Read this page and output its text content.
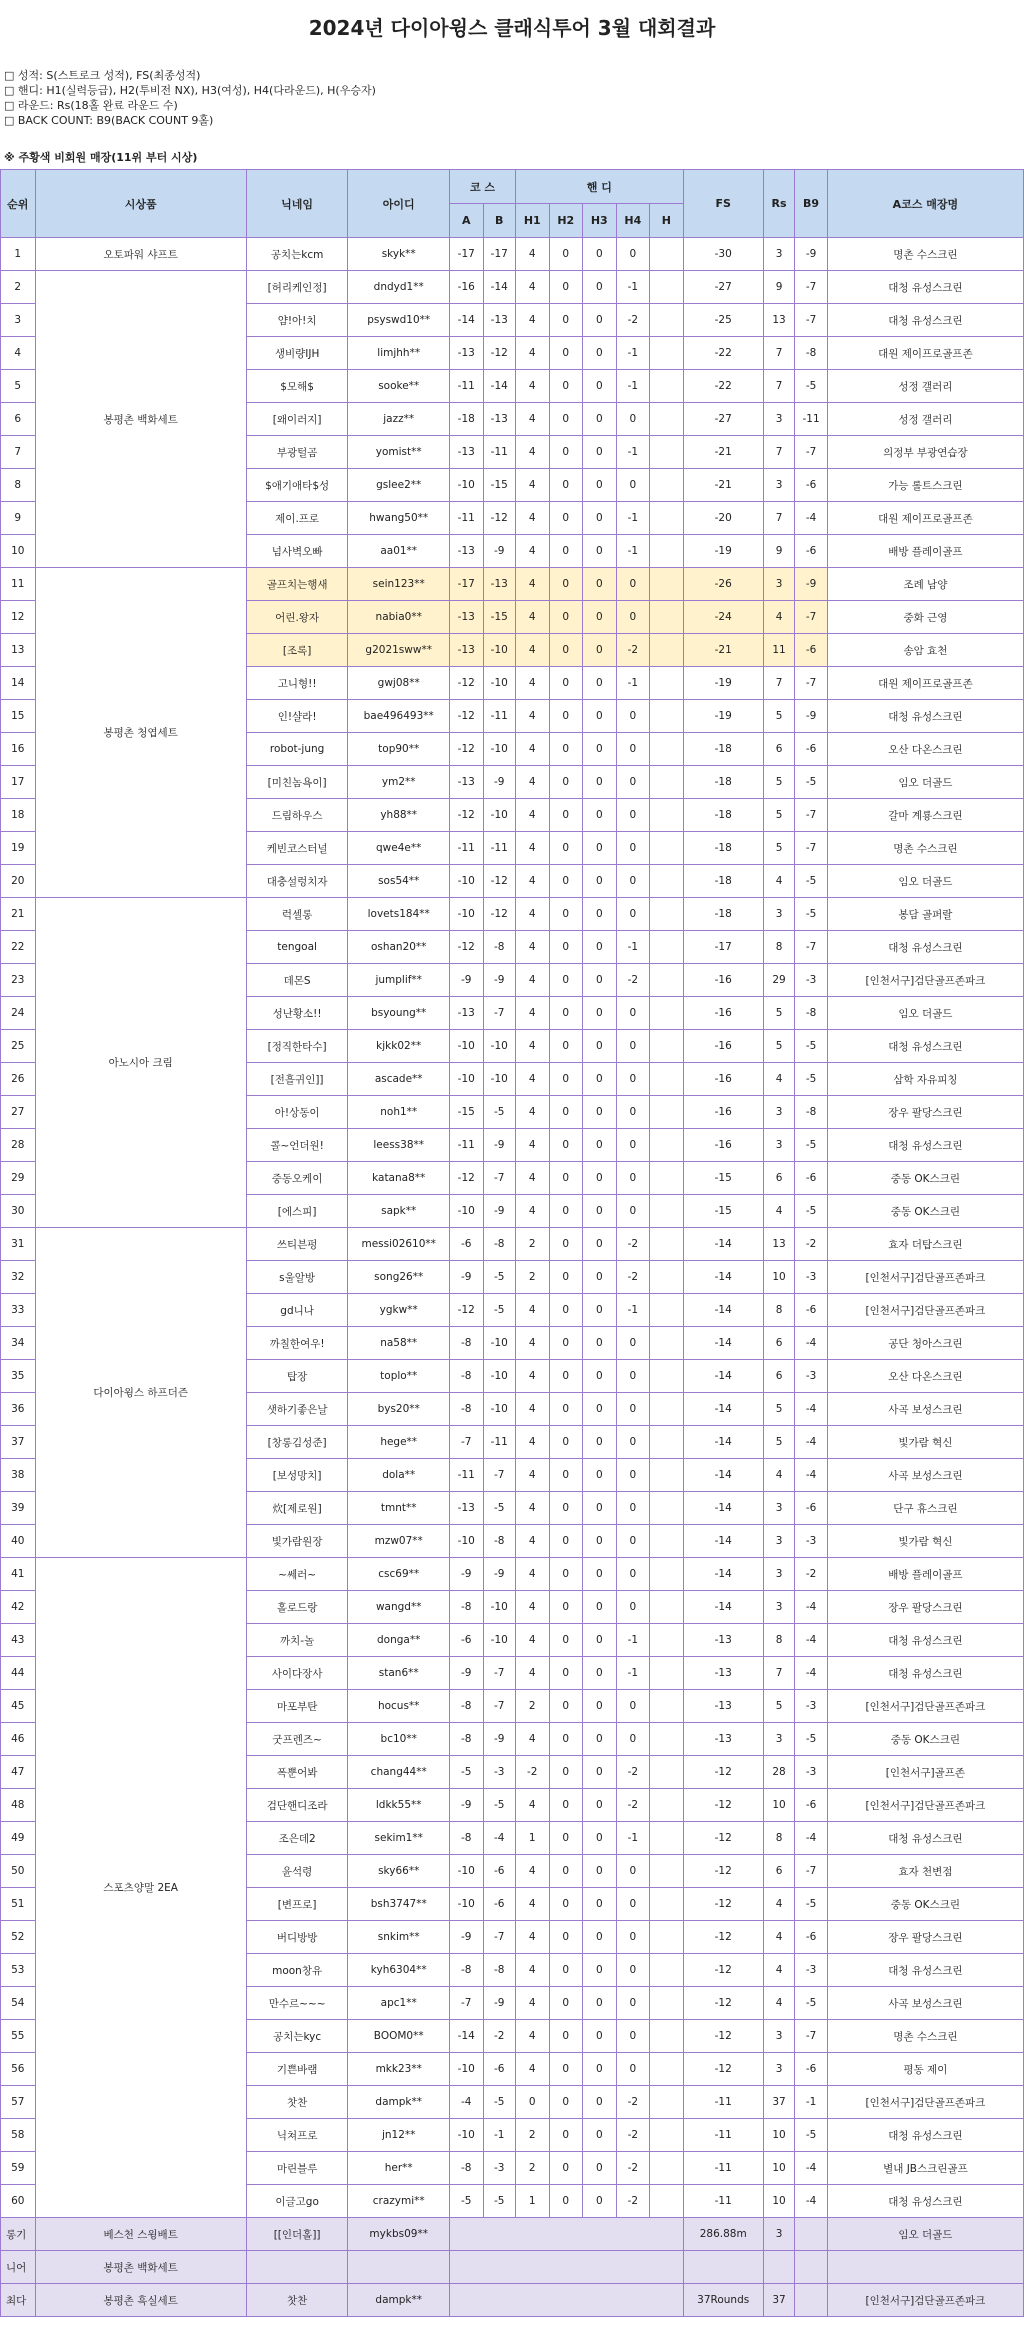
2024년 다이아윙스 클래식투어 3월 대회결과
□ 성적: S(스트로크 성적), FS(최종성적)
□ 핸디: H1(실력등급), H2(투비전 NX), H3(여성), H4(다라운드), H(우승자)
□ 라운드: Rs(18홀 완료 라운드 수)
□ BACK COUNT: B9(BACK COUNT 9홀)
※ 주황색 비회원 매장(11위 부터 시상)
순위	시상품	닉네임	아이디	코 스		핸 디					FS	Rs	B9	A코스 매장명
				A	B	H1	H2	H3	H4	H				
1	오토파워 샤프트	공치는kcm	skyk**	-17	-17	4	0	0	0		-30	3	-9	명촌 수스크린
2	봉평촌 백화세트	[허리케인정]	dndyd1**	-16	-14	4	0	0	-1		-27	9	-7	대청 유성스크린
3		얌!아!치	psyswd10**	-14	-13	4	0	0	-2		-25	13	-7	대청 유성스크린
4		생비량IJH	limjhh**	-13	-12	4	0	0	-1		-22	7	-8	대원 제이프로골프존
5		$모해$	sooke**	-11	-14	4	0	0	-1		-22	7	-5	성정 갤러리
6		[왜이러지]	jazz**	-18	-13	4	0	0	0		-27	3	-11	성정 갤러리
7		부광털곰	yomist**	-13	-11	4	0	0	-1		-21	7	-7	의정부 부광연습장
8		$애기애타$성	gslee2**	-10	-15	4	0	0	0		-21	3	-6	가능 롤트스크린
9		제이.프로	hwang50**	-11	-12	4	0	0	-1		-20	7	-4	대원 제이프로골프존
10		넘사벽오빠	aa01**	-13	-9	4	0	0	-1		-19	9	-6	배방 플레이골프
11	봉평촌 청엽세트	골프치는행새	sein123**	-17	-13	4	0	0	0		-26	3	-9	조례 남양
12		어린.왕자	nabia0**	-13	-15	4	0	0	0		-24	4	-7	중화 근영
13		[조록]	g2021sww**	-13	-10	4	0	0	-2		-21	11	-6	송암 효천
14		고니형!!	gwj08**	-12	-10	4	0	0	-1		-19	7	-7	대원 제이프로골프존
15		인!샬라!	bae496493**	-12	-11	4	0	0	0		-19	5	-9	대청 유성스크린
16		robot-jung	top90**	-12	-10	4	0	0	0		-18	6	-6	오산 다온스크린
17		[미친놈욕이]	ym2**	-13	-9	4	0	0	0		-18	5	-5	임오 더골드
18		드림하우스	yh88**	-12	-10	4	0	0	0		-18	5	-7	갈마 계룡스크린
19		케빈코스터널	qwe4e**	-11	-11	4	0	0	0		-18	5	-7	명촌 수스크린
20		대충설렁치자	sos54**	-10	-12	4	0	0	0		-18	4	-5	임오 더골드
21	아노시아 크림	럭셀롱	lovets184**	-10	-12	4	0	0	0		-18	3	-5	봉담 골퍼랄
22		tengoal	oshan20**	-12	-8	4	0	0	-1		-17	8	-7	대청 유성스크린
23		데몬S	jumplif**	-9	-9	4	0	0	-2		-16	29	-3	[인천서구]검단골프존파크
24		성난황소!!	bsyoung**	-13	-7	4	0	0	0		-16	5	-8	임오 더골드
25		[정직한타수]	kjkk02**	-10	-10	4	0	0	0		-16	5	-5	대청 유성스크린
26		[전흘귀인]]	ascade**	-10	-10	4	0	0	0		-16	4	-5	삼학 자유피칭
27		아!상동이	noh1**	-15	-5	4	0	0	0		-16	3	-8	장우 팔당스크린
28		콜~언더원!	leess38**	-11	-9	4	0	0	0		-16	3	-5	대청 유성스크린
29		중동오케이	katana8**	-12	-7	4	0	0	0		-15	6	-6	중동 OK스크린
30		[에스피]	sapk**	-10	-9	4	0	0	0		-15	4	-5	중동 OK스크린
31	다이아윙스 하프더즌	쓰티븐펑	messi02610**	-6	-8	2	0	0	-2		-14	13	-2	효자 더탑스크린
32		s울알방	song26**	-9	-5	2	0	0	-2		-14	10	-3	[인천서구]검단골프존파크
33		gd니나	ygkw**	-12	-5	4	0	0	-1		-14	8	-6	[인천서구]검단골프존파크
34		까칠한여우!	na58**	-8	-10	4	0	0	0		-14	6	-4	공단 청아스크린
35		탑장	toplo**	-8	-10	4	0	0	0		-14	6	-3	오산 다온스크린
36		샛하기좋은날	bys20**	-8	-10	4	0	0	0		-14	5	-4	사곡 보성스크린
37		[창롱김성준]	hege**	-7	-11	4	0	0	0		-14	5	-4	빛가람 혁신
38		[보성망치]	dola**	-11	-7	4	0	0	0		-14	4	-4	사곡 보성스크린
39		炊[제로원]	tmnt**	-13	-5	4	0	0	0		-14	3	-6	단구 휴스크린
40		빛가람원장	mzw07**	-10	-8	4	0	0	0		-14	3	-3	빛가람 혁신
41	스포츠양말 2EA	~쎄러~	csc69**	-9	-9	4	0	0	0		-14	3	-2	배방 플레이골프
42		홀로드랑	wangd**	-8	-10	4	0	0	0		-14	3	-4	장우 팔당스크린
43		까치-놀	donga**	-6	-10	4	0	0	-1		-13	8	-4	대청 유성스크린
44		사이다장사	stan6**	-9	-7	4	0	0	-1		-13	7	-4	대청 유성스크린
45		마포부탄	hocus**	-8	-7	2	0	0	0		-13	5	-3	[인천서구]검단골프존파크
46		굿프렌즈~	bc10**	-8	-9	4	0	0	0		-13	3	-5	중동 OK스크린
47		폭뿐어봐	chang44**	-5	-3	-2	0	0	-2		-12	28	-3	[인천서구]골프존
48		검단핸디조라	ldkk55**	-9	-5	4	0	0	-2		-12	10	-6	[인천서구]검단골프존파크
49		조은데2	sekim1**	-8	-4	1	0	0	-1		-12	8	-4	대청 유성스크린
50		윤석령	sky66**	-10	-6	4	0	0	0		-12	6	-7	효자 천변점
51		[변프로]	bsh3747**	-10	-6	4	0	0	0		-12	4	-5	중동 OK스크린
52		버디방방	snkim**	-9	-7	4	0	0	0		-12	4	-6	장우 팔당스크린
53		moon창유	kyh6304**	-8	-8	4	0	0	0		-12	4	-3	대청 유성스크린
54		만수르~~~	apc1**	-7	-9	4	0	0	0		-12	4	-5	사곡 보성스크린
55		공치는kyc	BOOM0**	-14	-2	4	0	0	0		-12	3	-7	명촌 수스크린
56		기쁜바램	mkk23**	-10	-6	4	0	0	0		-12	3	-6	평동 제이
57		찻찬	dampk**	-4	-5	0	0	0	-2		-11	37	-1	[인천서구]검단골프존파크
58		닉쳐프로	jn12**	-10	-1	2	0	0	-2		-11	10	-5	대청 유성스크린
59		마린블루	her**	-8	-3	2	0	0	-2		-11	10	-4	별내 JB스크린골프
60		이글고go	crazymi**	-5	-5	1	0	0	-2		-11	10	-4	대청 유성스크린
롱기	베스천 스윙배트	[[인더홀]]	mykbs09**								286.88m	3		임오 더골드
니어	봉평촌 백화세트													
최다	봉평촌 흑실세트	찻찬	dampk**								37Rounds	37		[인천서구]검단골프존파크
